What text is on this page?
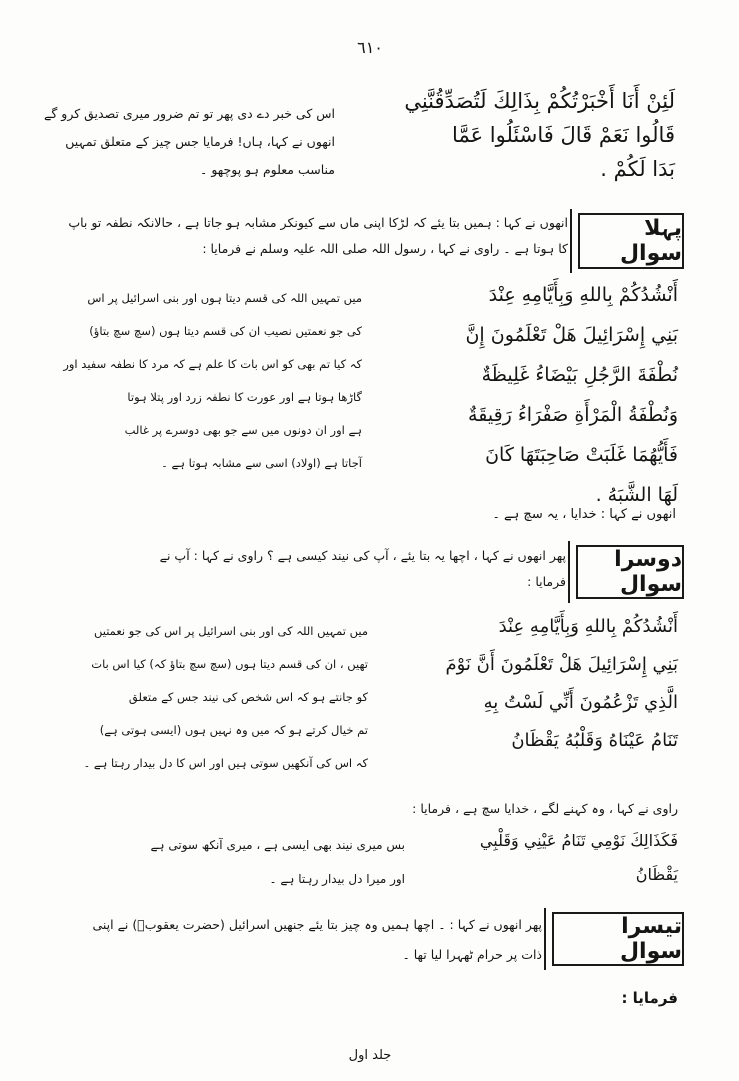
٦١٠
لَئِنْ أَنَا أَخْبَرْتُكُمْ بِذَالِكَ لَتُصَدِّقُنَّنِي
قَالُوا نَعَمْ قَالَ فَاسْئَلُوا عَمَّا
بَدَا لَكُمْ .
اس کی خبر دے دی پھر تو تم ضرور میری تصدیق کرو گے
انھوں نے کہا، ہاں! فرمایا جس چیز کے متعلق تمہیں
مناسب معلوم ہو پوچھو ۔
پہلا سوال
انھوں نے کہا : ہمیں بتا یئے کہ لڑکا اپنی ماں سے کیونکر مشابہ ہو جاتا ہے ، حالانکہ نطفہ تو باپ
کا ہوتا ہے ۔ راوی نے کہا ، رسول اللہ صلی اللہ علیہ وسلم نے فرمایا :
أَنْشُدُكُمْ بِاللهِ وَبِأَيَّامِهِ عِنْدَ
بَنِي إِسْرَائِيلَ هَلْ تَعْلَمُونَ إِنَّ
نُطْفَةَ الرَّجُلِ بَيْضَاءُ غَلِيظَةٌ
وَنُطْفَةُ الْمَرْأَةِ صَفْرَاءُ رَقِيقَةٌ
فَأَيُّهُمَا غَلَبَتْ صَاحِبَتَهَا كَانَ
لَهَا الشَّبَهُ .
میں تمہیں اللہ کی قسم دیتا ہوں اور بنی اسرائیل پر اس
کی جو نعمتیں نصیب ان کی قسم دیتا ہوں (سچ سچ بتاؤ)
کہ کیا تم بھی کو اس بات کا علم ہے کہ مرد کا نطفہ سفید اور
گاڑھا ہوتا ہے اور عورت کا نطفہ زرد اور پتلا ہوتا
ہے اور ان دونوں میں سے جو بھی دوسرے پر غالب
آجاتا ہے (اولاد) اسی سے مشابہ ہوتا ہے ۔
انھوں نے کہا : خدایا ، یہ سچ ہے ۔
دوسرا سوال
پھر انھوں نے کہا ، اچھا یہ بتا یئے ، آپ کی نیند کیسی ہے ؟ راوی نے کہا : آپ نے
فرمایا :
أَنْشُدُكُمْ بِاللهِ وَبِأَيَّامِهِ عِنْدَ
بَنِي إِسْرَائِيلَ هَلْ تَعْلَمُونَ أَنَّ نَوْمَ
الَّذِي تَزْعُمُونَ أَنِّي لَسْتُ بِهِ
تَنَامُ عَيْنَاهُ وَقَلْبُهُ يَقْظَانُ
میں تمہیں اللہ کی اور بنی اسرائیل پر اس کی جو نعمتیں
تھیں ، ان کی قسم دیتا ہوں (سچ سچ بتاؤ کہ) کیا اس بات
کو جانتے ہو کہ اس شخص کی نیند جس کے متعلق
تم خیال کرتے ہو کہ میں وہ نہیں ہوں (ایسی ہوتی ہے)
کہ اس کی آنکھیں سوتی ہیں اور اس کا دل بیدار رہتا ہے ۔
راوی نے کہا ، وہ کہنے لگے ، خدایا سچ ہے ، فرمایا :
فَكَذَالِكَ نَوْمِي تَنَامُ عَيْنِي وَقَلْبِي
يَقْظَانُ
بس میری نیند بھی ایسی ہے ، میری آنکھ سوتی ہے
اور میرا دل بیدار رہتا ہے ۔
تیسرا سوال
پھر انھوں نے کہا : ۔ اچھا ہمیں وہ چیز بتا یئے جنھیں اسرائیل (حضرت یعقوبؑ) نے اپنی
ذات پر حرام ٹھہرا لیا تھا ۔
فرمایا :
جلد اول
